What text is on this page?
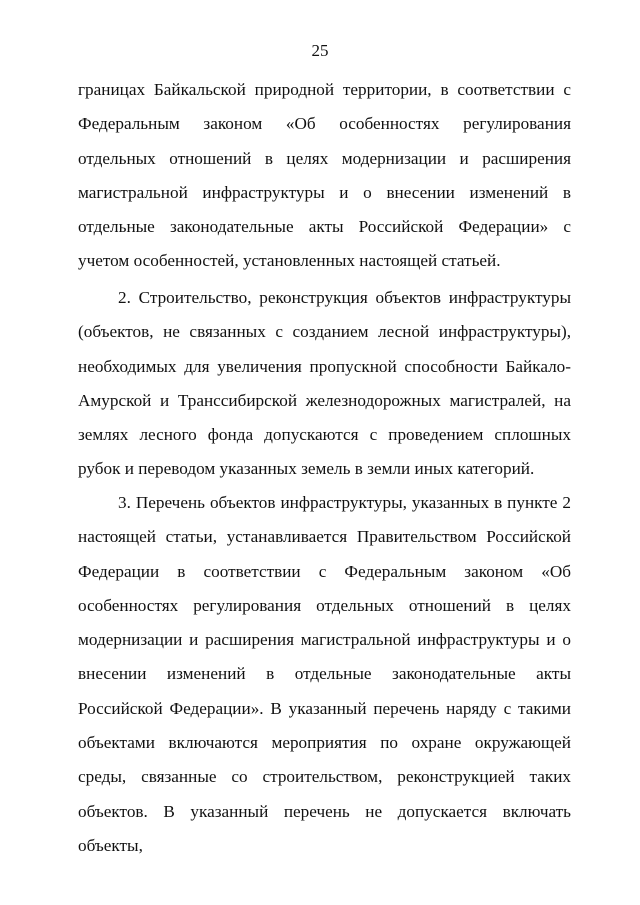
25

границах Байкальской природной территории, в соответствии с Федеральным законом «Об особенностях регулирования отдельных отношений в целях модернизации и расширения магистральной инфраструктуры и о внесении изменений в отдельные законодательные акты Российской Федерации» с учетом особенностей, установленных настоящей статьей.

2. Строительство, реконструкция объектов инфраструктуры (объектов, не связанных с созданием лесной инфраструктуры), необходимых для увеличения пропускной способности Байкало-Амурской и Транссибирской железнодорожных магистралей, на землях лесного фонда допускаются с проведением сплошных рубок и переводом указанных земель в земли иных категорий.

3. Перечень объектов инфраструктуры, указанных в пункте 2 настоящей статьи, устанавливается Правительством Российской Федерации в соответствии с Федеральным законом «Об особенностях регулирования отдельных отношений в целях модернизации и расширения магистральной инфраструктуры и о внесении изменений в отдельные законодательные акты Российской Федерации». В указанный перечень наряду с такими объектами включаются мероприятия по охране окружающей среды, связанные со строительством, реконструкцией таких объектов. В указанный перечень не допускается включать объекты,
